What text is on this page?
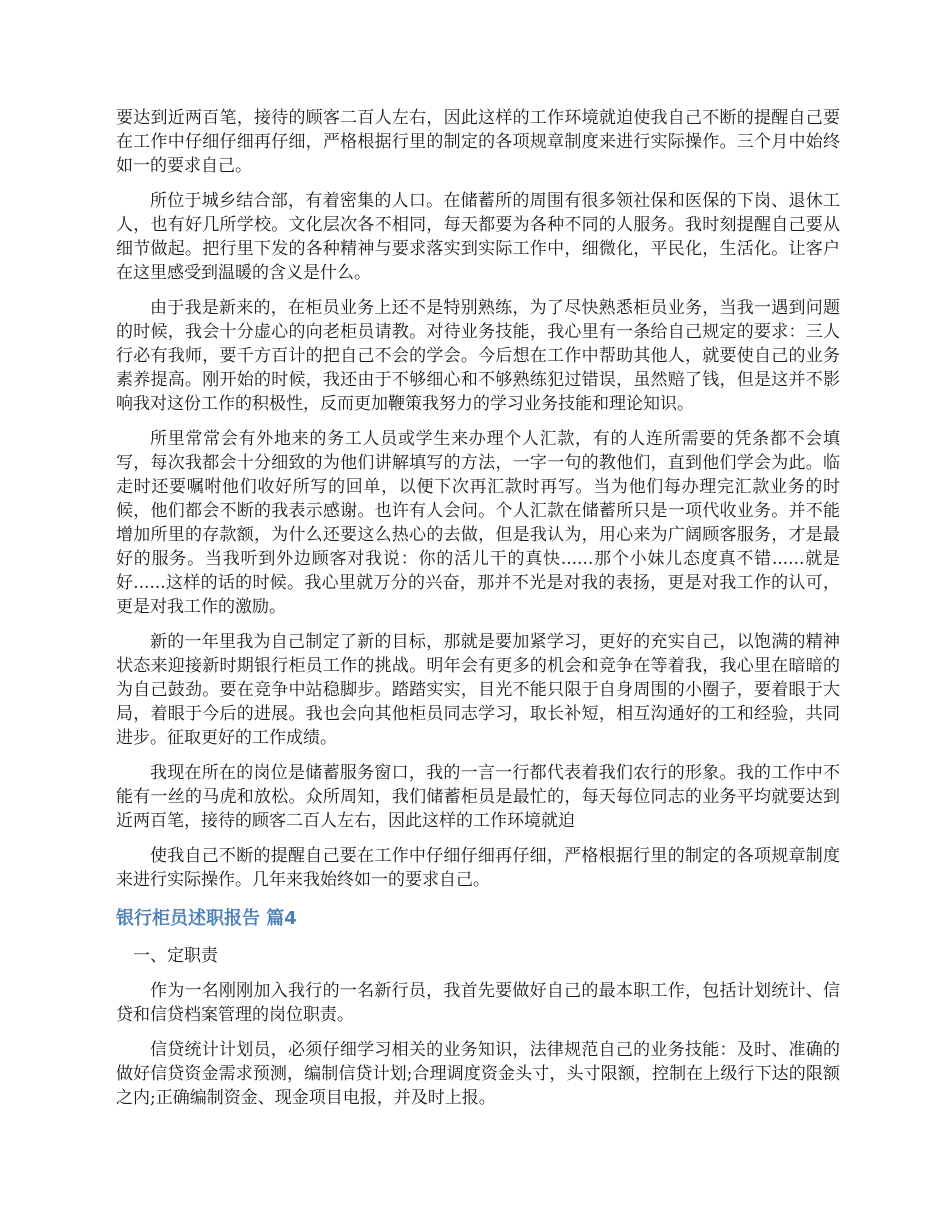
要达到近两百笔，接待的顾客二百人左右，因此这样的工作环境就迫使我自己不断的提醒自己要在工作中仔细仔细再仔细，严格根据行里的制定的各项规章制度来进行实际操作。三个月中始终如一的要求自己。

所位于城乡结合部，有着密集的人口。在储蓄所的周围有很多领社保和医保的下岗、退休工人，也有好几所学校。文化层次各不相同，每天都要为各种不同的人服务。我时刻提醒自己要从细节做起。把行里下发的各种精神与要求落实到实际工作中，细微化，平民化，生活化。让客户在这里感受到温暖的含义是什么。

由于我是新来的，在柜员业务上还不是特别熟练，为了尽快熟悉柜员业务，当我一遇到问题的时候，我会十分虚心的向老柜员请教。对待业务技能，我心里有一条给自己规定的要求：三人行必有我师，要千方百计的把自己不会的学会。今后想在工作中帮助其他人，就要使自己的业务素养提高。刚开始的时候，我还由于不够细心和不够熟练犯过错误，虽然赔了钱，但是这并不影响我对这份工作的积极性，反而更加鞭策我努力的学习业务技能和理论知识。

所里常常会有外地来的务工人员或学生来办理个人汇款，有的人连所需要的凭条都不会填写，每次我都会十分细致的为他们讲解填写的方法，一字一句的教他们，直到他们学会为此。临走时还要嘱咐他们收好所写的回单，以便下次再汇款时再写。当为他们每办理完汇款业务的时候，他们都会不断的我表示感谢。也许有人会问。个人汇款在储蓄所只是一项代收业务。并不能增加所里的存款额，为什么还要这么热心的去做，但是我认为，用心来为广阔顾客服务，才是最好的服务。当我听到外边顾客对我说：你的活儿干的真快......那个小妹儿态度真不错......就是好......这样的话的时候。我心里就万分的兴奋，那并不光是对我的表扬，更是对我工作的认可，更是对我工作的激励。

新的一年里我为自己制定了新的目标，那就是要加紧学习，更好的充实自己，以饱满的精神状态来迎接新时期银行柜员工作的挑战。明年会有更多的机会和竞争在等着我，我心里在暗暗的为自己鼓劲。要在竞争中站稳脚步。踏踏实实，目光不能只限于自身周围的小圈子，要着眼于大局，着眼于今后的进展。我也会向其他柜员同志学习，取长补短，相互沟通好的工和经验，共同进步。征取更好的工作成绩。

我现在所在的岗位是储蓄服务窗口，我的一言一行都代表着我们农行的形象。我的工作中不能有一丝的马虎和放松。众所周知，我们储蓄柜员是最忙的，每天每位同志的业务平均就要达到近两百笔，接待的顾客二百人左右，因此这样的工作环境就迫

使我自己不断的提醒自己要在工作中仔细仔细再仔细，严格根据行里的制定的各项规章制度来进行实际操作。几年来我始终如一的要求自己。

银行柜员述职报告 篇4

一、定职责

作为一名刚刚加入我行的一名新行员，我首先要做好自己的最本职工作，包括计划统计、信贷和信贷档案管理的岗位职责。

信贷统计计划员，必须仔细学习相关的业务知识，法律规范自己的业务技能：及时、准确的做好信贷资金需求预测，编制信贷计划;合理调度资金头寸，头寸限额，控制在上级行下达的限额之内;正确编制资金、现金项目电报，并及时上报。
